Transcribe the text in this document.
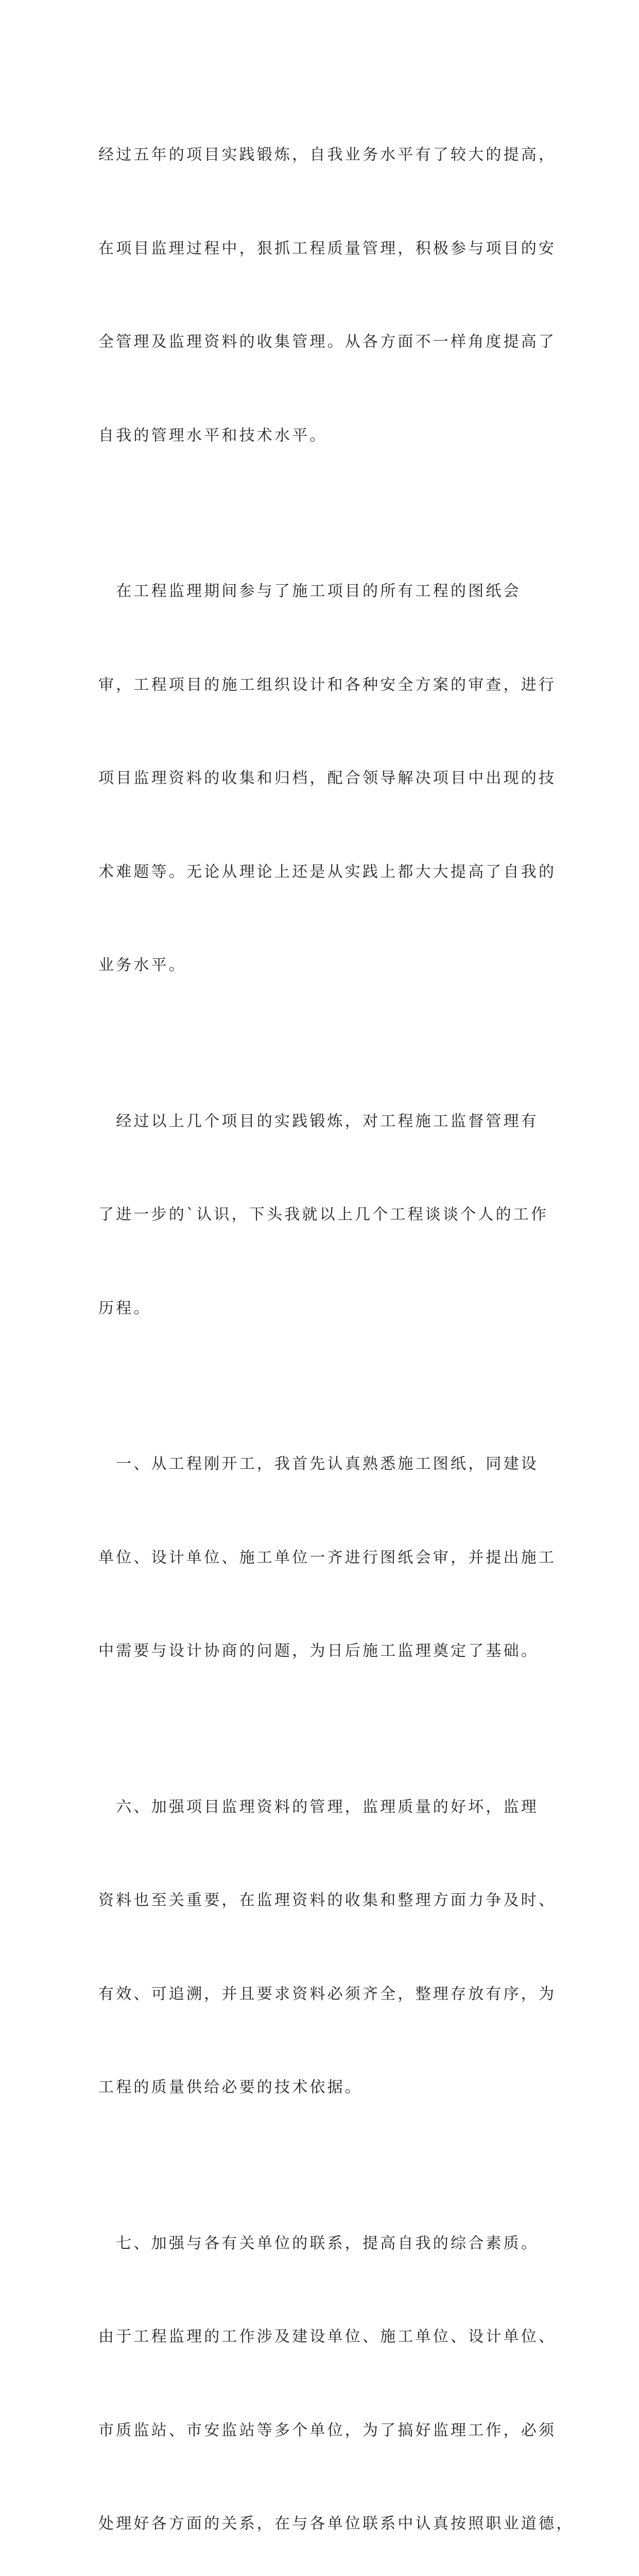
经过五年的项目实践锻炼，自我业务水平有了较大的提高，

在项目监理过程中，狠抓工程质量管理，积极参与项目的安

全管理及监理资料的收集管理。从各方面不一样角度提高了

自我的管理水平和技术水平。

　在工程监理期间参与了施工项目的所有工程的图纸会

审，工程项目的施工组织设计和各种安全方案的审查，进行

项目监理资料的收集和归档，配合领导解决项目中出现的技

术难题等。无论从理论上还是从实践上都大大提高了自我的

业务水平。

　经过以上几个项目的实践锻炼，对工程施工监督管理有

了进一步的`认识，下头我就以上几个工程谈谈个人的工作

历程。

　一、从工程刚开工，我首先认真熟悉施工图纸，同建设

单位、设计单位、施工单位一齐进行图纸会审，并提出施工

中需要与设计协商的问题，为日后施工监理奠定了基础。

　六、加强项目监理资料的管理，监理质量的好坏，监理

资料也至关重要，在监理资料的收集和整理方面力争及时、

有效、可追溯，并且要求资料必须齐全，整理存放有序，为

工程的质量供给必要的技术依据。

　七、加强与各有关单位的联系，提高自我的综合素质。

由于工程监理的工作涉及建设单位、施工单位、设计单位、

市质监站、市安监站等多个单位，为了搞好监理工作，必须

处理好各方面的关系，在与各单位联系中认真按照职业道德，
